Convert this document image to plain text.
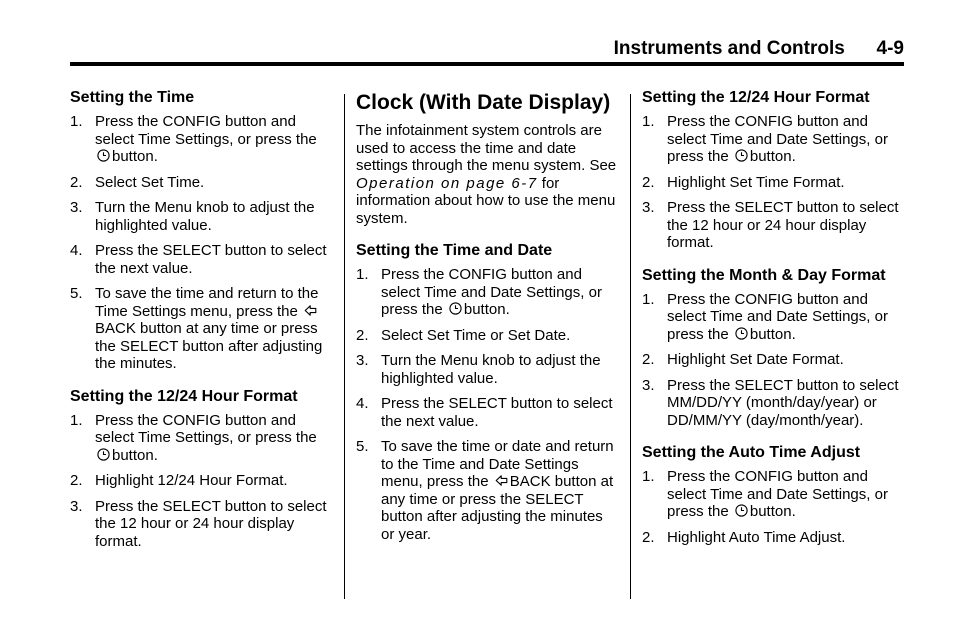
Instruments and Controls 4-9
Setting the Time
1. Press the CONFIG button and select Time Settings, or press the
button.
2. Select Set Time.
3. Turn the Menu knob to adjust the highlighted value.
4. Press the SELECT button to select the next value.
5. To save the time and return to the Time Settings menu, press the
BACK button at any time or press the SELECT button after adjusting the minutes.
Setting the 12/24 Hour Format
1. Press the CONFIG button and select Time Settings, or press the
button.
2. Highlight 12/24 Hour Format.
3. Press the SELECT button to select the 12 hour or 24 hour display format.
Clock (With Date Display)

The infotainment system controls are used to access the time and date settings through the menu system. See Operation on page 6-7 for information about how to use the menu system.

Setting the Time and Date
1. Press the CONFIG button and select Time and Date Settings, or press the button.
2. Select Set Time or Set Date.
3. Turn the Menu knob to adjust the highlighted value.
4. Press the SELECT button to select the next value.
5. To save the time or date and return to the Time and Date Settings menu, press the BACK button at any time or press the SELECT button after adjusting the minutes or year.
Setting the 12/24 Hour Format
1. Press the CONFIG button and select Time and Date Settings, or press the button.
2. Highlight Set Time Format.
3. Press the SELECT button to select the 12 hour or 24 hour display format.
Setting the Month & Day Format
1. Press the CONFIG button and select Time and Date Settings, or press the button.
2. Highlight Set Date Format.
3. Press the SELECT button to select MM/DD/YY (month/day/year) or DD/MM/YY (day/month/year).
Setting the Auto Time Adjust
1. Press the CONFIG button and select Time and Date Settings, or press the button.
2. Highlight Auto Time Adjust.
